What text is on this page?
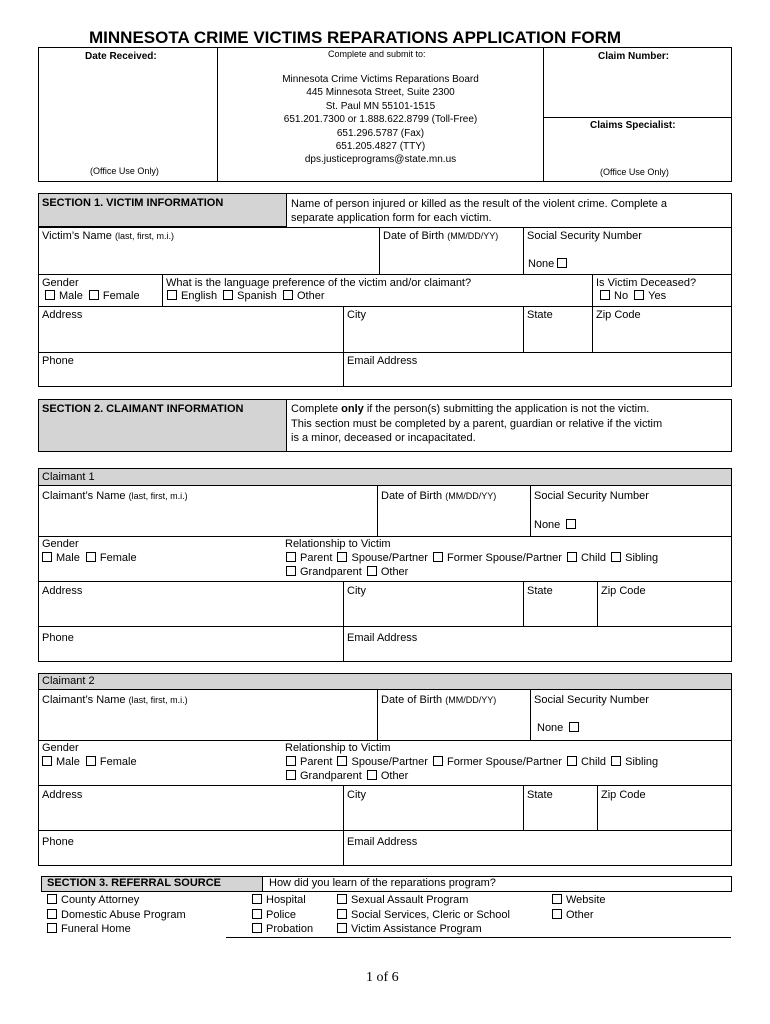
MINNESOTA CRIME VICTIMS REPARATIONS APPLICATION FORM
Date Received:
(Office Use Only)
Complete and submit to:
Minnesota Crime Victims Reparations Board
445 Minnesota Street, Suite 2300
St. Paul MN 55101-1515
651.201.7300 or 1.888.622.8799 (Toll-Free)
651.296.5787 (Fax)
651.205.4827 (TTY)
dps.justiceprograms@state.mn.us
Claim Number:
Claims Specialist:
(Office Use Only)
SECTION 1. VICTIM INFORMATION	Name of person injured or killed as the result of the violent crime. Complete a
separate application form for each victim.
Victim’s Name (last, first, m.i.)	Date of Birth (MM/DD/YY)	Social Security Number
None
Gender
Male Female
What is the language preference of the victim and/or claimant?
English Spanish Other
Is Victim Deceased?
No Yes
Address	City	State	Zip Code
Phone	Email Address
SECTION 2. CLAIMANT INFORMATION	Complete only if the person(s) submitting the application is not the victim.
This section must be completed by a parent, guardian or relative if the victim
is a minor, deceased or incapacitated.
Claimant 1
Claimant’s Name (last, first, m.i.)	Date of Birth (MM/DD/YY)	Social Security Number
None
Gender
Male Female
Relationship to Victim
Parent Spouse/Partner Former Spouse/Partner Child Sibling
Grandparent Other
Address	City	State	Zip Code
Phone	Email Address
Claimant 2
Claimant’s Name (last, first, m.i.)	Date of Birth (MM/DD/YY)	Social Security Number
None
Gender
Male Female
Relationship to Victim
Parent Spouse/Partner Former Spouse/Partner Child Sibling
Grandparent Other
Address	City	State	Zip Code
Phone	Email Address
SECTION 3. REFERRAL SOURCE	How did you learn of the reparations program?
County Attorney
Domestic Abuse Program
Funeral Home
Hospital
Police
Probation
Sexual Assault Program
Social Services, Cleric or School
Victim Assistance Program
Website
Other
1 of 6
